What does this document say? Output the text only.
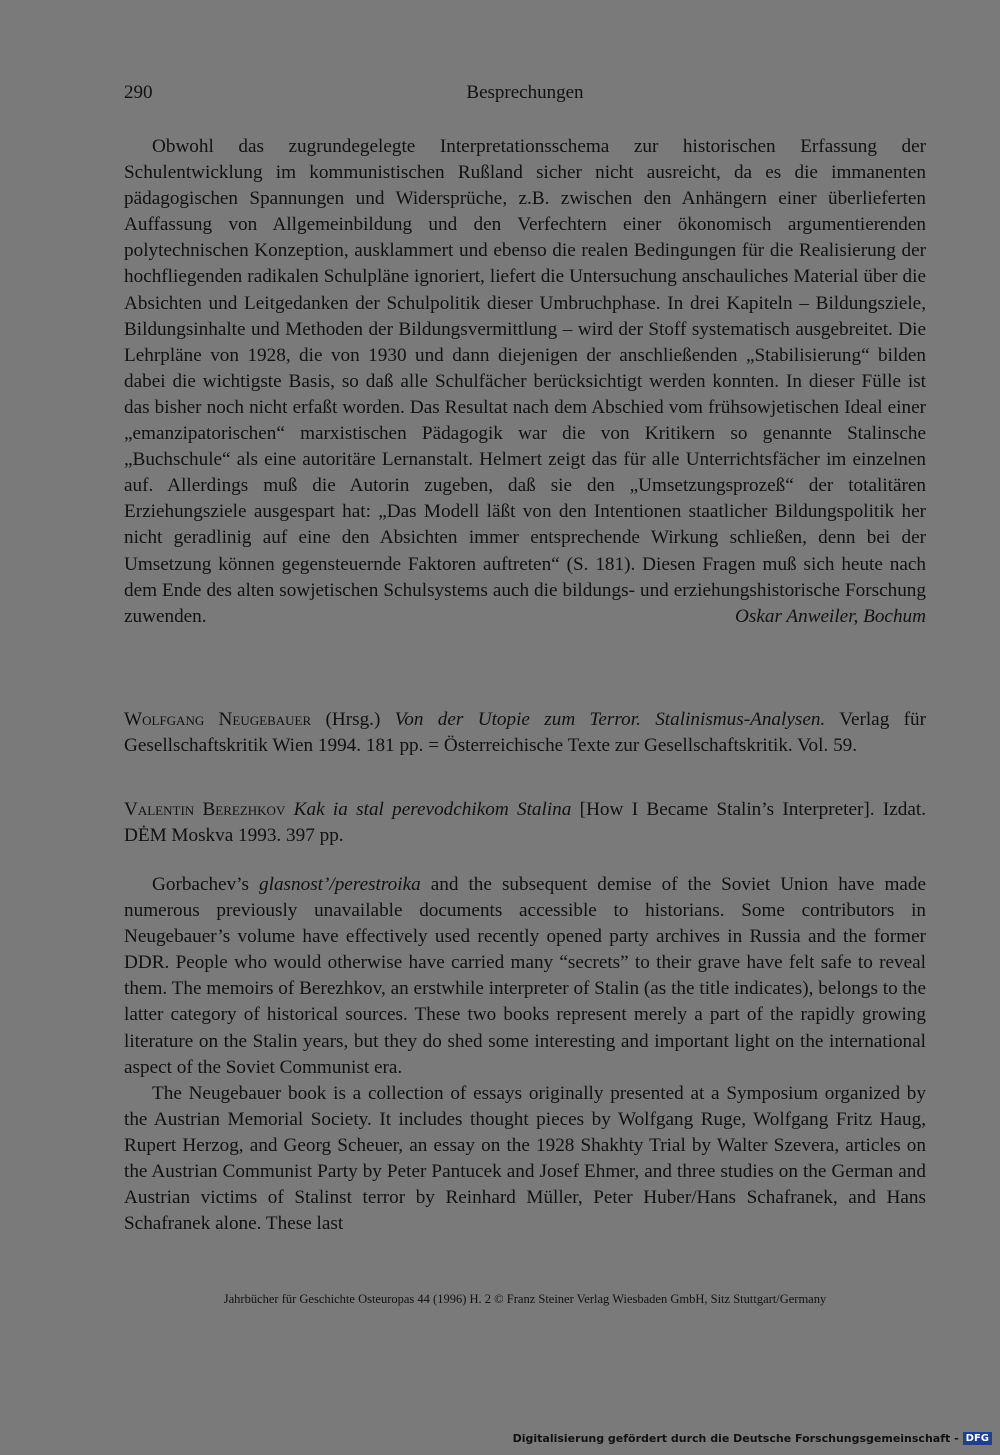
290	Besprechungen

Obwohl das zugrundegelegte Interpretationsschema zur historischen Erfassung der Schulentwicklung im kommunistischen Rußland sicher nicht ausreicht, da es die immanenten pädagogischen Spannungen und Widersprüche, z.B. zwischen den Anhängern einer überlieferten Auffassung von Allgemeinbildung und den Verfechtern einer ökonomisch argumentierenden polytechnischen Konzeption, ausklammert und ebenso die realen Bedingungen für die Realisierung der hochfliegenden radikalen Schulpläne ignoriert, liefert die Untersuchung anschauliches Material über die Absichten und Leitgedanken der Schulpolitik dieser Umbruchphase. In drei Kapiteln – Bildungsziele, Bildungsinhalte und Methoden der Bildungsvermittlung – wird der Stoff systematisch ausgebreitet. Die Lehrpläne von 1928, die von 1930 und dann diejenigen der anschließenden „Stabilisierung“ bilden dabei die wichtigste Basis, so daß alle Schulfächer berücksichtigt werden konnten. In dieser Fülle ist das bisher noch nicht erfaßt worden. Das Resultat nach dem Abschied vom frühsowjetischen Ideal einer „emanzipatorischen“ marxistischen Pädagogik war die von Kritikern so genannte Stalinsche „Buchschule“ als eine autoritäre Lernanstalt. Helmert zeigt das für alle Unterrichtsfächer im einzelnen auf. Allerdings muß die Autorin zugeben, daß sie den „Umsetzungsprozeß“ der totalitären Erziehungsziele ausgespart hat: „Das Modell läßt von den Intentionen staatlicher Bildungspolitik her nicht geradlinig auf eine den Absichten immer entsprechende Wirkung schließen, denn bei der Umsetzung können gegensteuernde Faktoren auftreten“ (S. 181). Diesen Fragen muß sich heute nach dem Ende des alten sowjetischen Schulsystems auch die bildungs- und erziehungshistorische Forschung zuwenden.	Oskar Anweiler, Bochum

Wolfgang Neugebauer (Hrsg.) Von der Utopie zum Terror. Stalinismus-Analysen. Verlag für Gesellschaftskritik Wien 1994. 181 pp. = Österreichische Texte zur Gesellschaftskritik. Vol. 59.
Valentin Berezhkov Kak ia stal perevodchikom Stalina [How I Became Stalin’s Interpreter]. Izdat. DĖM Moskva 1993. 397 pp.

Gorbachev’s glasnost’/perestroika and the subsequent demise of the Soviet Union have made numerous previously unavailable documents accessible to historians. Some contributors in Neugebauer’s volume have effectively used recently opened party archives in Russia and the former DDR. People who would otherwise have carried many “secrets” to their grave have felt safe to reveal them. The memoirs of Berezhkov, an erstwhile interpreter of Stalin (as the title indicates), belongs to the latter category of historical sources. These two books represent merely a part of the rapidly growing literature on the Stalin years, but they do shed some interesting and important light on the international aspect of the Soviet Communist era.

The Neugebauer book is a collection of essays originally presented at a Symposium organized by the Austrian Memorial Society. It includes thought pieces by Wolfgang Ruge, Wolfgang Fritz Haug, Rupert Herzog, and Georg Scheuer, an essay on the 1928 Shakhty Trial by Walter Szevera, articles on the Austrian Communist Party by Peter Pantucek and Josef Ehmer, and three studies on the German and Austrian victims of Stalinst terror by Reinhard Müller, Peter Huber/Hans Schafranek, and Hans Schafranek alone. These last

Jahrbücher für Geschichte Osteuropas 44 (1996) H. 2 © Franz Steiner Verlag Wiesbaden GmbH, Sitz Stuttgart/Germany
Digitalisierung gefördert durch die Deutsche Forschungsgemeinschaft - DFG
